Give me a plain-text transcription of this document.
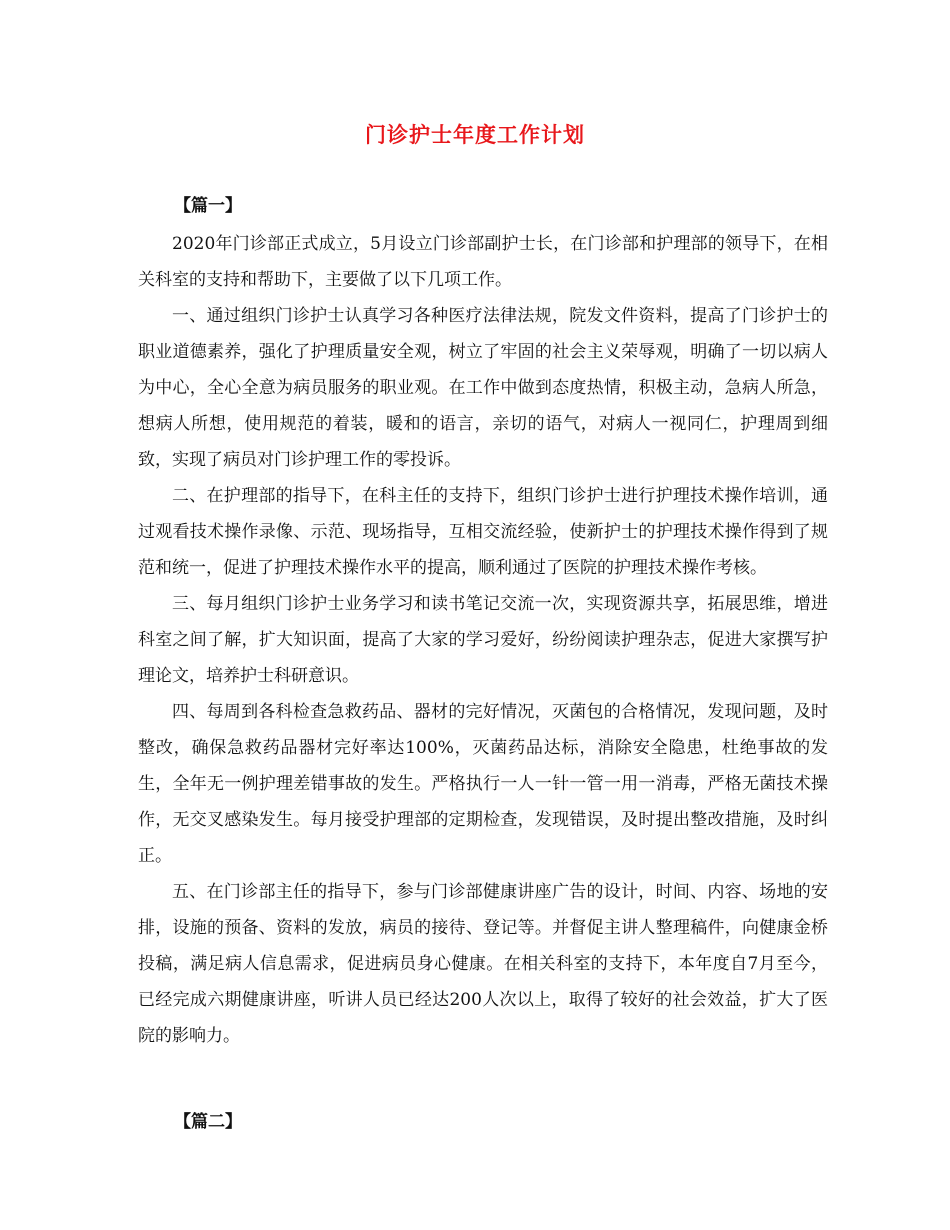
门诊护士年度工作计划
【篇一】

2020年门诊部正式成立，5月设立门诊部副护士长，在门诊部和护理部的领导下，在相关科室的支持和帮助下，主要做了以下几项工作。

一、通过组织门诊护士认真学习各种医疗法律法规，院发文件资料，提高了门诊护士的职业道德素养，强化了护理质量安全观，树立了牢固的社会主义荣辱观，明确了一切以病人为中心，全心全意为病员服务的职业观。在工作中做到态度热情，积极主动，急病人所急，想病人所想，使用规范的着装，暖和的语言，亲切的语气，对病人一视同仁，护理周到细致，实现了病员对门诊护理工作的零投诉。

二、在护理部的指导下，在科主任的支持下，组织门诊护士进行护理技术操作培训，通过观看技术操作录像、示范、现场指导，互相交流经验，使新护士的护理技术操作得到了规范和统一，促进了护理技术操作水平的提高，顺利通过了医院的护理技术操作考核。

三、每月组织门诊护士业务学习和读书笔记交流一次，实现资源共享，拓展思维，增进科室之间了解，扩大知识面，提高了大家的学习爱好，纷纷阅读护理杂志，促进大家撰写护理论文，培养护士科研意识。

四、每周到各科检查急救药品、器材的完好情况，灭菌包的合格情况，发现问题，及时整改，确保急救药品器材完好率达100%，灭菌药品达标，消除安全隐患，杜绝事故的发生，全年无一例护理差错事故的发生。严格执行一人一针一管一用一消毒，严格无菌技术操作，无交叉感染发生。每月接受护理部的定期检查，发现错误，及时提出整改措施，及时纠正。

五、在门诊部主任的指导下，参与门诊部健康讲座广告的设计，时间、内容、场地的安排，设施的预备、资料的发放，病员的接待、登记等。并督促主讲人整理稿件，向健康金桥投稿，满足病人信息需求，促进病员身心健康。在相关科室的支持下，本年度自7月至今，已经完成六期健康讲座，听讲人员已经达200人次以上，取得了较好的社会效益，扩大了医院的影响力。

【篇二】
